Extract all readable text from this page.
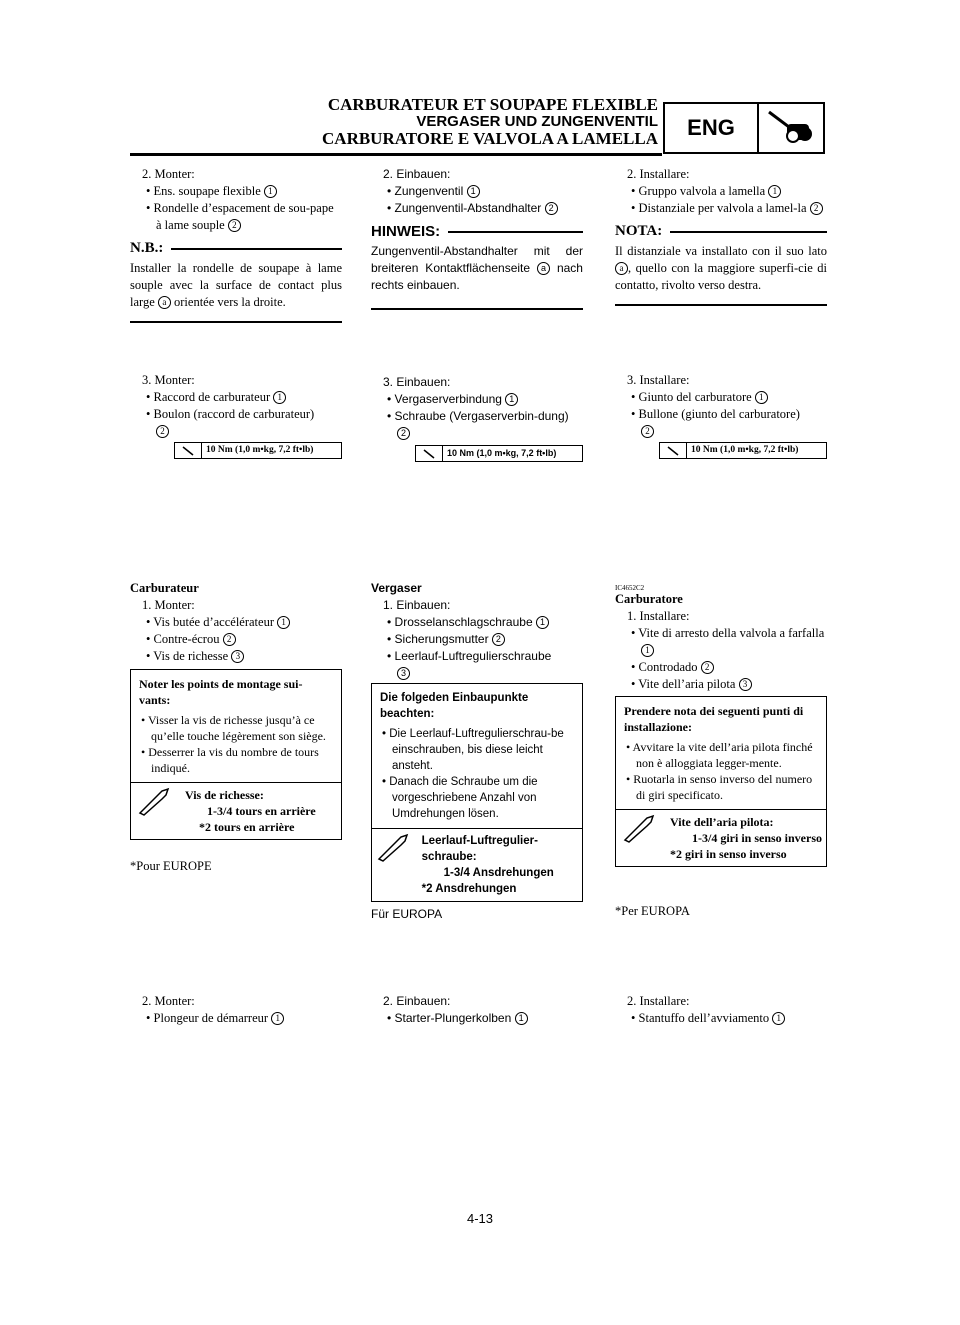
CARBURATEUR ET SOUPAPE FLEXIBLE
VERGASER UND ZUNGENVENTIL
CARBURATORE E VALVOLA A LAMELLA	ENG
2. Monter:
• Ens. soupape flexible 1
• Rondelle d’espacement de sou-pape à lame souple 2
N.B.:
Installer la rondelle de soupape à lame souple avec la surface de contact plus large a orientée vers la droite.
3. Monter:
• Raccord de carburateur 1
• Boulon (raccord de carburateur)
2
10 Nm (1,0 m•kg, 7,2 ft•lb)
Carburateur
1. Monter:
• Vis butée d’accélérateur 1
• Contre-écrou 2
• Vis de richesse 3
Noter les points de montage sui-vants:
• Visser la vis de richesse jusqu’à ce qu’elle touche légèrement son siège.
• Desserrer la vis du nombre de tours indiqué.
Vis de richesse:
1-3/4 tours en arrière
*2 tours en arrière
*Pour EUROPE
2. Monter:
• Plongeur de démarreur 1
2. Einbauen:
• Zungenventil 1
• Zungenventil-Abstandhalter 2
HINWEIS:
Zungenventil-Abstandhalter mit der breiteren Kontaktflächenseite a nach rechts einbauen.
3. Einbauen:
• Vergaserverbindung 1
• Schraube (Vergaserverbin-dung) 2
10 Nm (1,0 m•kg, 7,2 ft•lb)
Vergaser
1. Einbauen:
• Drosselanschlagschraube 1
• Sicherungsmutter 2
• Leerlauf-Luftregulierschraube
3
Die folgeden Einbaupunkte beachten:
• Die Leerlauf-Luftregulierschrau-be einschrauben, bis diese leicht ansteht.
• Danach die Schraube um die vorgeschriebene Anzahl von Umdrehungen lösen.
Leerlauf-Luftregulier-schraube:
1-3/4 Ansdrehungen
*2 Ansdrehungen
Für EUROPA
2. Einbauen:
• Starter-Plungerkolben 1
2. Installare:
• Gruppo valvola a lamella 1
• Distanziale per valvola a lamel-la 2
NOTA:
Il distanziale va installato con il suo lato a , quello con la maggiore superfi-cie di contatto, rivolto verso destra.
3. Installare:
• Giunto del carburatore 1
• Bullone (giunto del carburatore)
2
10 Nm (1,0 m•kg, 7,2 ft•lb)
IC4652C2
Carburatore
1. Installare:
• Vite di arresto della valvola a farfalla 1
• Controdado 2
• Vite dell’aria pilota 3
Prendere nota dei seguenti punti di installazione:
• Avvitare la vite dell’aria pilota finché non è alloggiata legger-mente.
• Ruotarla in senso inverso del numero di giri specificato.
Vite dell’aria pilota:
1-3/4 giri in senso inverso
*2 giri in senso inverso
*Per EUROPA
2. Installare:
• Stantuffo dell’avviamento 1
4-13
